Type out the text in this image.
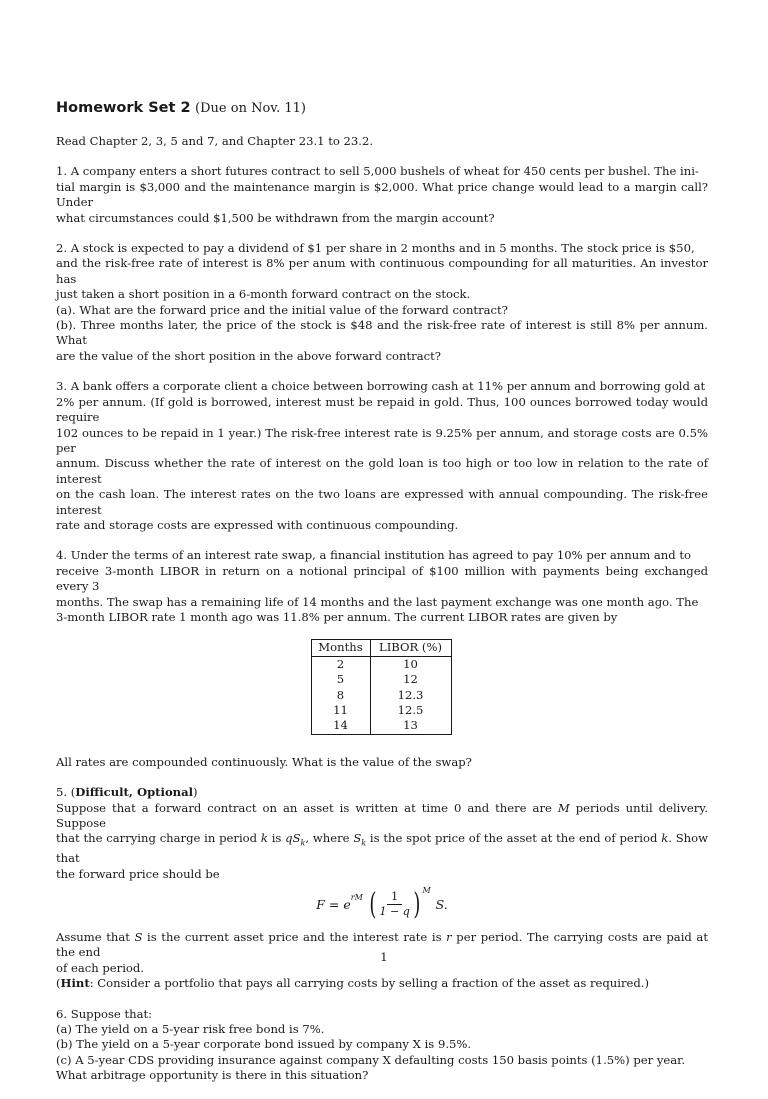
Homework Set 2 (Due on Nov. 11)

Read Chapter 2, 3, 5 and 7, and Chapter 23.1 to 23.2.

1. A company enters a short futures contract to sell 5,000 bushels of wheat for 450 cents per bushel. The ini-
tial margin is $3,000 and the maintenance margin is $2,000. What price change would lead to a margin call? Under
what circumstances could $1,500 be withdrawn from the margin account?
2. A stock is expected to pay a dividend of $1 per share in 2 months and in 5 months. The stock price is $50,
and the risk-free rate of interest is 8% per anum with continuous compounding for all maturities. An investor has
just taken a short position in a 6-month forward contract on the stock.
(a). What are the forward price and the initial value of the forward contract?
(b). Three months later, the price of the stock is $48 and the risk-free rate of interest is still 8% per annum. What
are the value of the short position in the above forward contract?
3. A bank offers a corporate client a choice between borrowing cash at 11% per annum and borrowing gold at
2% per annum. (If gold is borrowed, interest must be repaid in gold. Thus, 100 ounces borrowed today would require
102 ounces to be repaid in 1 year.) The risk-free interest rate is 9.25% per annum, and storage costs are 0.5% per
annum. Discuss whether the rate of interest on the gold loan is too high or too low in relation to the rate of interest
on the cash loan. The interest rates on the two loans are expressed with annual compounding. The risk-free interest
rate and storage costs are expressed with continuous compounding.
4. Under the terms of an interest rate swap, a financial institution has agreed to pay 10% per annum and to
receive 3-month LIBOR in return on a notional principal of $100 million with payments being exchanged every 3
months. The swap has a remaining life of 14 months and the last payment exchange was one month ago. The
3-month LIBOR rate 1 month ago was 11.8% per annum. The current LIBOR rates are given by
Months	LIBOR (%)
2	10
5	12
8	12.3
11	12.5
14	13

All rates are compounded continuously. What is the value of the swap?

5. (Difficult, Optional)
Suppose that a forward contract on an asset is written at time 0 and there are M periods until delivery. Suppose
that the carrying charge in period k is $qS_k$, where $S_k$ is the spot price of the asset at the end of period k. Show that
the forward price should be
F = e rM ( $\frac{1}{1 - q}$ ) M
S.
Assume that S is the current asset price and the interest rate is r per period. The carrying costs are paid at the end
of each period.
(Hint: Consider a portfolio that pays all carrying costs by selling a fraction of the asset as required.)
6. Suppose that:
(a) The yield on a 5-year risk free bond is 7%.
(b) The yield on a 5-year corporate bond issued by company X is 9.5%.
(c) A 5-year CDS providing insurance against company X defaulting costs 150 basis points (1.5%) per year.
What arbitrage opportunity is there in this situation?
1
